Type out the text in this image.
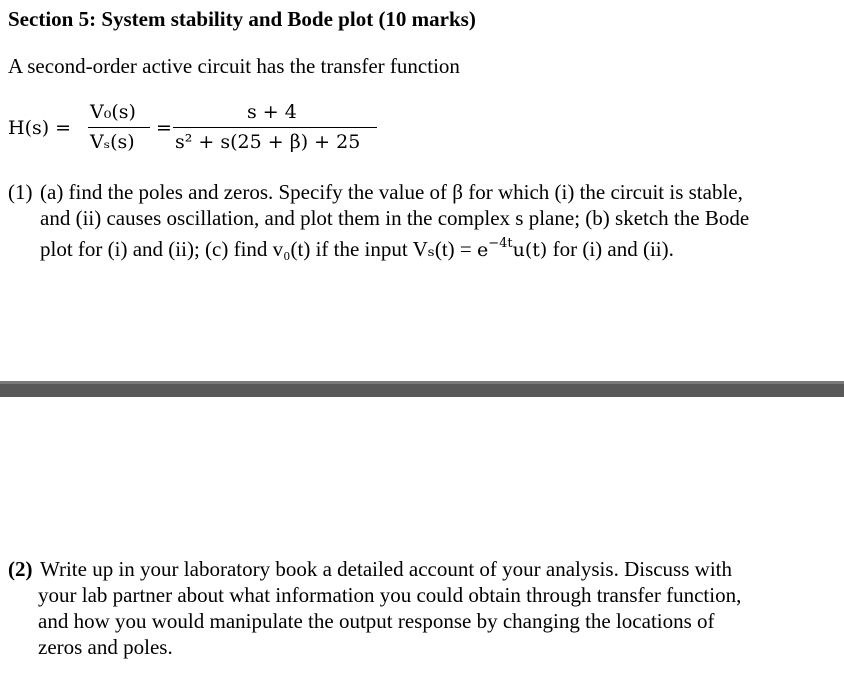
Section 5: System stability and Bode plot (10 marks)
A second-order active circuit has the transfer function
H(s) =
V₀(s)
Vₛ(s)
=
s + 4
s² + s(25 + β) + 25
(1) (a) find the poles and zeros. Specify the value of β for which (i) the circuit is stable,
and (ii) causes oscillation, and plot them in the complex s plane; (b) sketch the Bode
plot for (i) and (ii); (c) find v₀(t) if the input $V_s(t) = e^{-4t}u(t)$ for (i) and (ii).
(2) Write up in your laboratory book a detailed account of your analysis. Discuss with
your lab partner about what information you could obtain through transfer function,
and how you would manipulate the output response by changing the locations of
zeros and poles.
